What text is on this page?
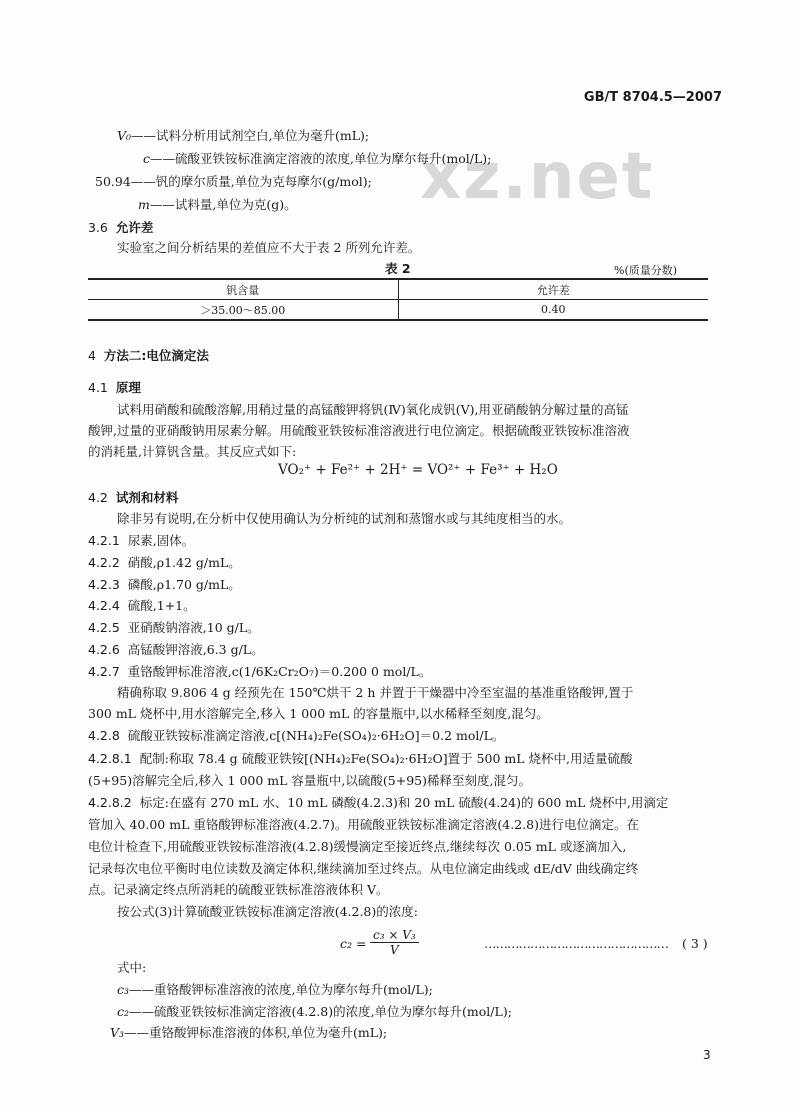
xz.net
GB/T 8704.5—2007
V₀——试料分析用试剂空白,单位为毫升(mL);
c——硫酸亚铁铵标准滴定溶液的浓度,单位为摩尔每升(mol/L);
50.94——钒的摩尔质量,单位为克每摩尔(g/mol);
m——试料量,单位为克(g)。
3.6 允许差
实验室之间分析结果的差值应不大于表 2 所列允许差。
表 2	%(质量分数)
钒含量	允许差
＞35.00～85.00	0.40
4 方法二:电位滴定法
4.1 原理
试料用硝酸和硫酸溶解,用稍过量的高锰酸钾将钒(Ⅳ)氧化成钒(Ⅴ),用亚硝酸钠分解过量的高锰
酸钾,过量的亚硝酸钠用尿素分解。用硫酸亚铁铵标准溶液进行电位滴定。根据硫酸亚铁铵标准溶液
的消耗量,计算钒含量。其反应式如下:
VO₂⁺ + Fe²⁺ + 2H⁺ = VO²⁺ + Fe³⁺ + H₂O
4.2 试剂和材料
除非另有说明,在分析中仅使用确认为分析纯的试剂和蒸馏水或与其纯度相当的水。
4.2.1 尿素,固体。
4.2.2 硝酸,ρ1.42 g/mL。
4.2.3 磷酸,ρ1.70 g/mL。
4.2.4 硫酸,1+1。
4.2.5 亚硝酸钠溶液,10 g/L。
4.2.6 高锰酸钾溶液,6.3 g/L。
4.2.7 重铬酸钾标准溶液,c(1/6K₂Cr₂O₇)＝0.200 0 mol/L。
精确称取 9.806 4 g 经预先在 150℃烘干 2 h 并置于干燥器中冷至室温的基准重铬酸钾,置于
300 mL 烧杯中,用水溶解完全,移入 1 000 mL 的容量瓶中,以水稀释至刻度,混匀。
4.2.8 硫酸亚铁铵标准滴定溶液,c[(NH₄)₂Fe(SO₄)₂·6H₂O]＝0.2 mol/L。
4.2.8.1 配制:称取 78.4 g 硫酸亚铁铵[(NH₄)₂Fe(SO₄)₂·6H₂O]置于 500 mL 烧杯中,用适量硫酸
(5+95)溶解完全后,移入 1 000 mL 容量瓶中,以硫酸(5+95)稀释至刻度,混匀。
4.2.8.2 标定:在盛有 270 mL 水、10 mL 磷酸(4.2.3)和 20 mL 硫酸(4.24)的 600 mL 烧杯中,用滴定
管加入 40.00 mL 重铬酸钾标准溶液(4.2.7)。用硫酸亚铁铵标准滴定溶液(4.2.8)进行电位滴定。在
电位计检查下,用硫酸亚铁铵标准溶液(4.2.8)缓慢滴定至接近终点,继续每次 0.05 mL 或逐滴加入,
记录每次电位平衡时电位读数及滴定体积,继续滴加至过终点。从电位滴定曲线或 dE/dV 曲线确定终
点。记录滴定终点所消耗的硫酸亚铁标准溶液体积 V。
按公式(3)计算硫酸亚铁铵标准滴定溶液(4.2.8)的浓度:
$c_2 = \frac{\text{c₃ × V₃}}{V}$	………………………………………… ( 3 )
式中:
c₃——重铬酸钾标准溶液的浓度,单位为摩尔每升(mol/L);
c₂——硫酸亚铁铵标准滴定溶液(4.2.8)的浓度,单位为摩尔每升(mol/L);
V₃——重铬酸钾标准溶液的体积,单位为毫升(mL);
3
